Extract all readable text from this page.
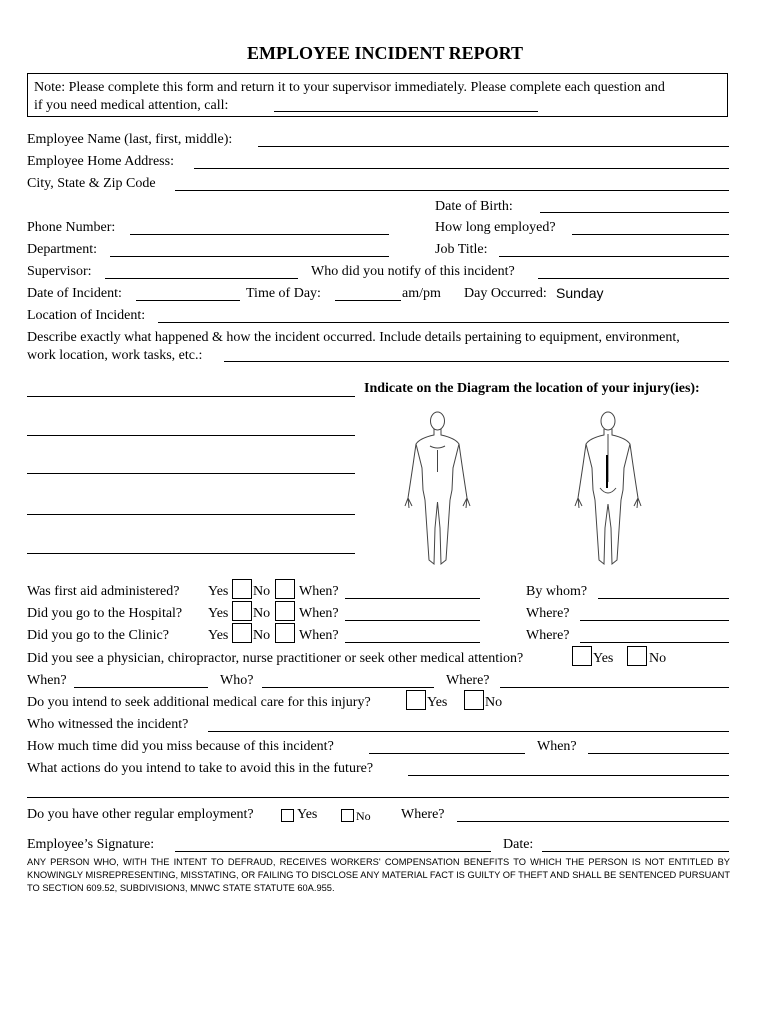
EMPLOYEE INCIDENT REPORT
Note: Please complete this form and return it to your supervisor immediately. Please complete each question and
if you need medical attention, call:
Employee Name (last, first, middle):
Employee Home Address:
City, State & Zip Code
Date of Birth:
Phone Number:	How long employed?
Department:	Job Title:
Supervisor:	Who did you notify of this incident?
Date of Incident:	Time of Day:	am/pm Day Occurred: Sunday
Location of Incident:
Describe exactly what happened & how the incident occurred. Include details pertaining to equipment, environment,
work location, work tasks, etc.:
Indicate on the Diagram the location of your injury(ies):
Was first aid administered? Yes No When?	By whom?
Did you go to the Hospital? Yes No When?	Where?
Did you go to the Clinic?	Yes No When?	Where?
Did you see a physician, chiropractor, nurse practitioner or seek other medical attention?	Yes	No
When?	Who?	Where?
Do you intend to seek additional medical care for this injury?	Yes	No
Who witnessed the incident?
How much time did you miss because of this incident?	When?
What actions do you intend to take to avoid this in the future?
Do you have other regular employment?	Yes	No Where?
Employee’s Signature:	Date:
ANY PERSON WHO, WITH THE INTENT TO DEFRAUD, RECEIVES WORKERS' COMPENSATION BENEFITS TO WHICH THE PERSON IS NOT ENTITLED BY KNOWINGLY MISREPRESENTING, MISSTATING, OR FAILING TO DISCLOSE ANY MATERIAL FACT IS GUILTY OF THEFT AND SHALL BE SENTENCED PURSUANT TO SECTION 609.52, SUBDIVISION3, MNWC STATE STATUTE 60A.955.
